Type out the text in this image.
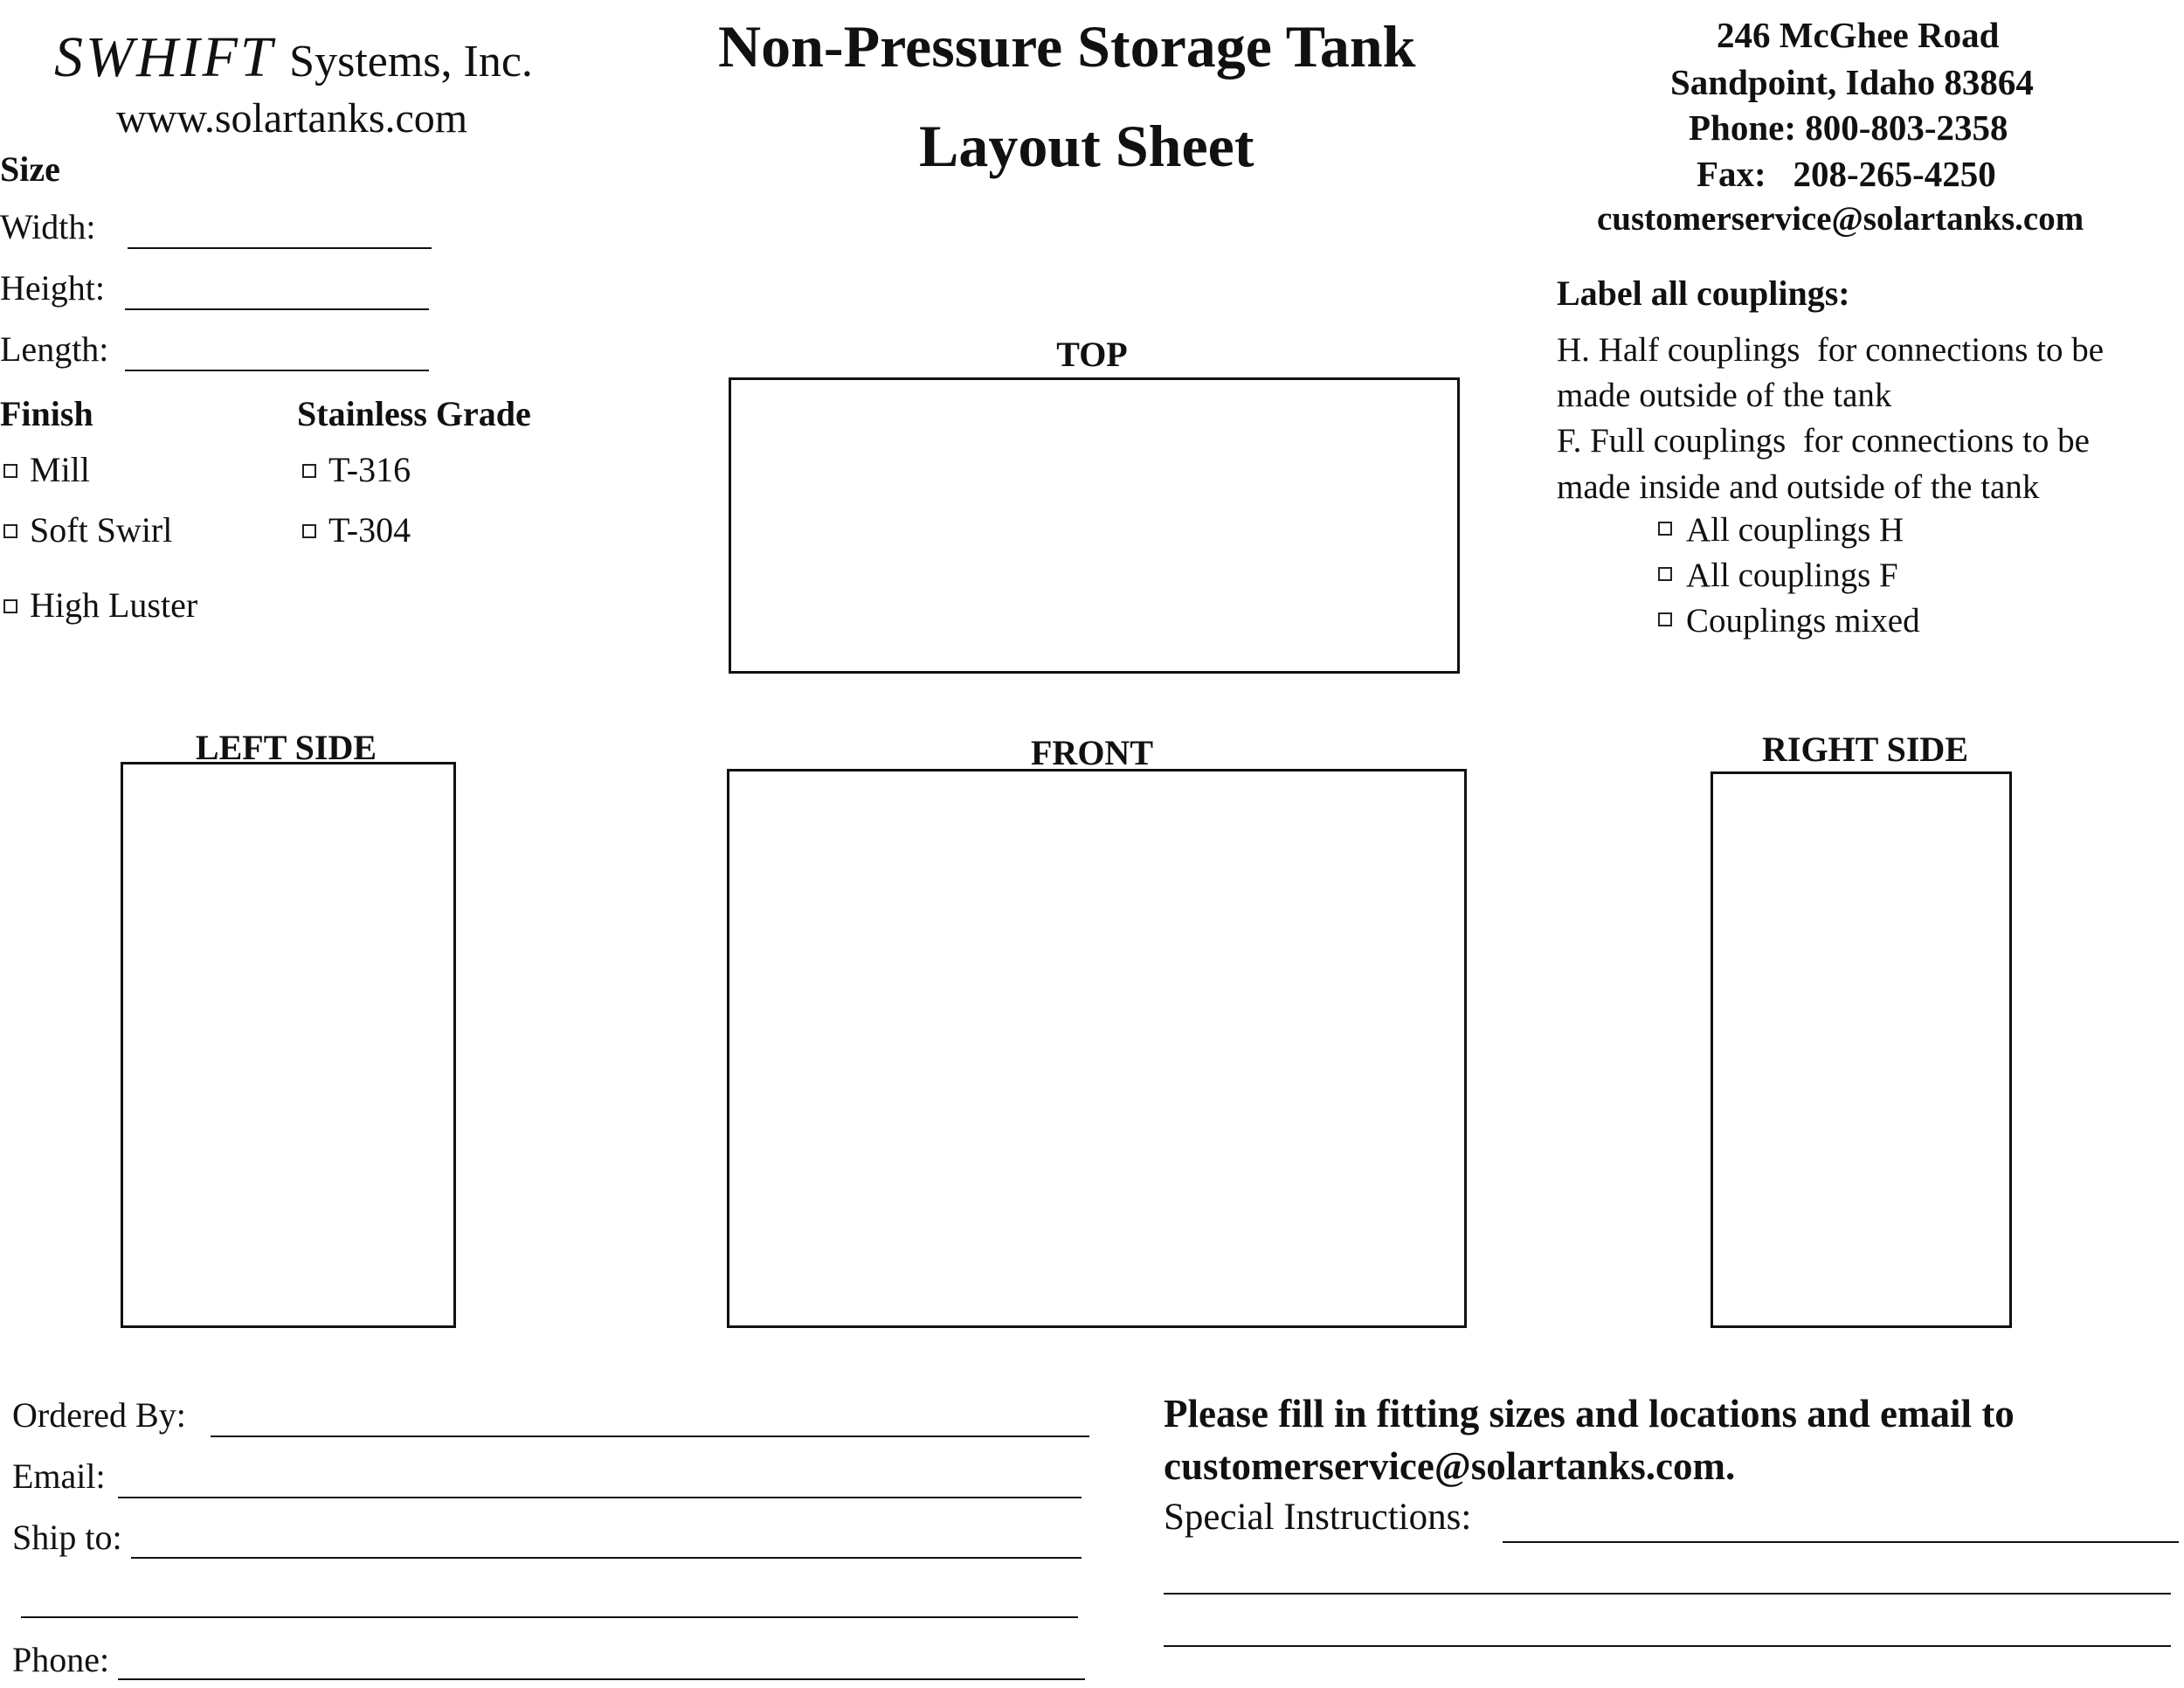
SWHIFT Systems, Inc.
www.solartanks.com
Non-Pressure Storage Tank
Layout Sheet
246 McGhee Road
Sandpoint, Idaho 83864
Phone: 800-803-2358
Fax:   208-265-4250
customerservice@solartanks.com
Size
Width:
Height:
Length:
Finish
Mill
Soft Swirl
High Luster
Stainless Grade
T-316
T-304
Label all couplings:
H. Half couplings  for connections to be
made outside of the tank
F. Full couplings  for connections to be
made inside and outside of the tank
All couplings H
All couplings F
Couplings mixed
TOP
LEFT SIDE	FRONT	RIGHT SIDE
Ordered By:
Email:
Ship to:
Phone:
Please fill in fitting sizes and locations and email to
customerservice@solartanks.com.
Special Instructions:
